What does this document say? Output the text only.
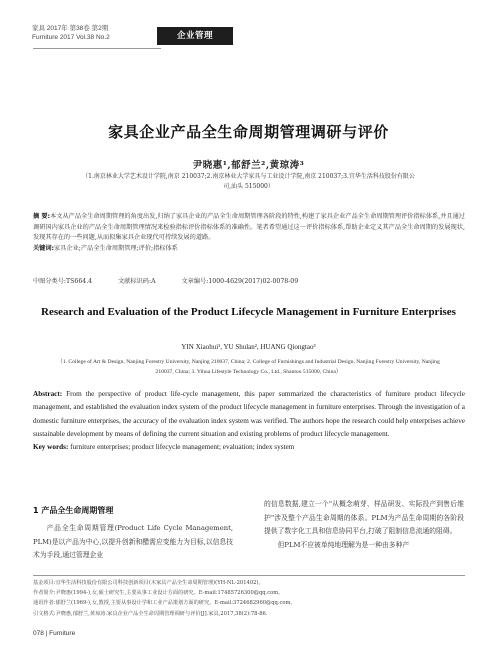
家具 2017年 第38卷 第2期
Furniture 2017 Vol.38 No.2	企业管理
家具企业产品全生命周期管理调研与评价
尹晓惠¹,郁舒兰²,黄琼涛³
（1.南京林业大学艺术设计学院,南京 210037;2.南京林业大学家具与工业设计学院,南京 210037;3.宜华生活科技股份有限公司,汕头 515000）
摘 要:本文从产品全生命周期管理的角度出发,归纳了家具企业的产品全生命周期管理各阶段的特性,构建了家具企业产品全生命周期管理评价指标体系,并且通过调研国内家具企业的产品全生命周期管理情况来检验指标评价指标体系的准确性。笔者希望通过这一评价指标体系,帮助企业定义其产品全生命周期的发展现状,发现其存在的一些问题,从而拟集家具企业现代可持续发展的道路。
关键词:家具企业;产品全生命周期管理;评价;指标体系
中图分类号:TS664.4	文献标识码:A	文章编号:1000-4629(2017)02-0078-09
Research and Evaluation of the Product Lifecycle Management in Furniture Enterprises
YIN Xiaohui¹, YU Shulan², HUANG Qiongtao³
（1. College of Art & Design, Nanjing Forestry University, Nanjing 210037, China; 2. College of Furnishings and Industrial Design, Nanjing Forestry University, Nanjing 210037, China; 3. Yihua Lifestyle Technology Co., Ltd., Shantou 515000, China）
Abstract: From the perspective of product life-cycle management, this paper summarized the characteristics of furniture product lifecycle management, and established the evaluation index system of the product lifecycle management in furniture enterprises. Through the investigation of a domestic furniture enterprises, the accuracy of the evaluation index system was verified. The authors hope the research could help enterprises achieve sustainable development by means of defining the current situation and existing problems of product lifecycle management.
Key words: furniture enterprises; product lifecycle management; evaluation; index system
1 产品全生命周期管理
产品全生命周期管理(Product Life Cycle Management, PLM)是以产品为中心,以提升创新和醋需应变能力为目标,以信息技术为手段,通过管理企业
的信息数据,建立一个"从概念萌芽、样品研发、实际投产到售后维护"涉及整个产品生命周期的体系。PLM为产品生命周期的各阶段提供了数字化工具和信息协同平台,打破了阻制信息流通的阻碍。
但PLM不应被单纯地理解为是一种由多种产
基金项目:宜华生活科技股份有限公司科技创新项目(木家具产品全生命周期管理)(YH-NL-201402)。
作者简介:尹晓惠(1994-),女,硕士研究生,主要从事工业设计方面的研究。E-mail:174857263​00@qq.com。
通讯作者:郁舒兰(1969-),女,教授,主要从事设计学和工业产品策划方面的研究。E-mail:3724682960@qq.com。
引文格式:尹晓惠,郁舒兰,黄琼涛.家具企业产品全生命周期管理调研与评价[J].家具,2017,38(2):78-86.
078 | Furniture
